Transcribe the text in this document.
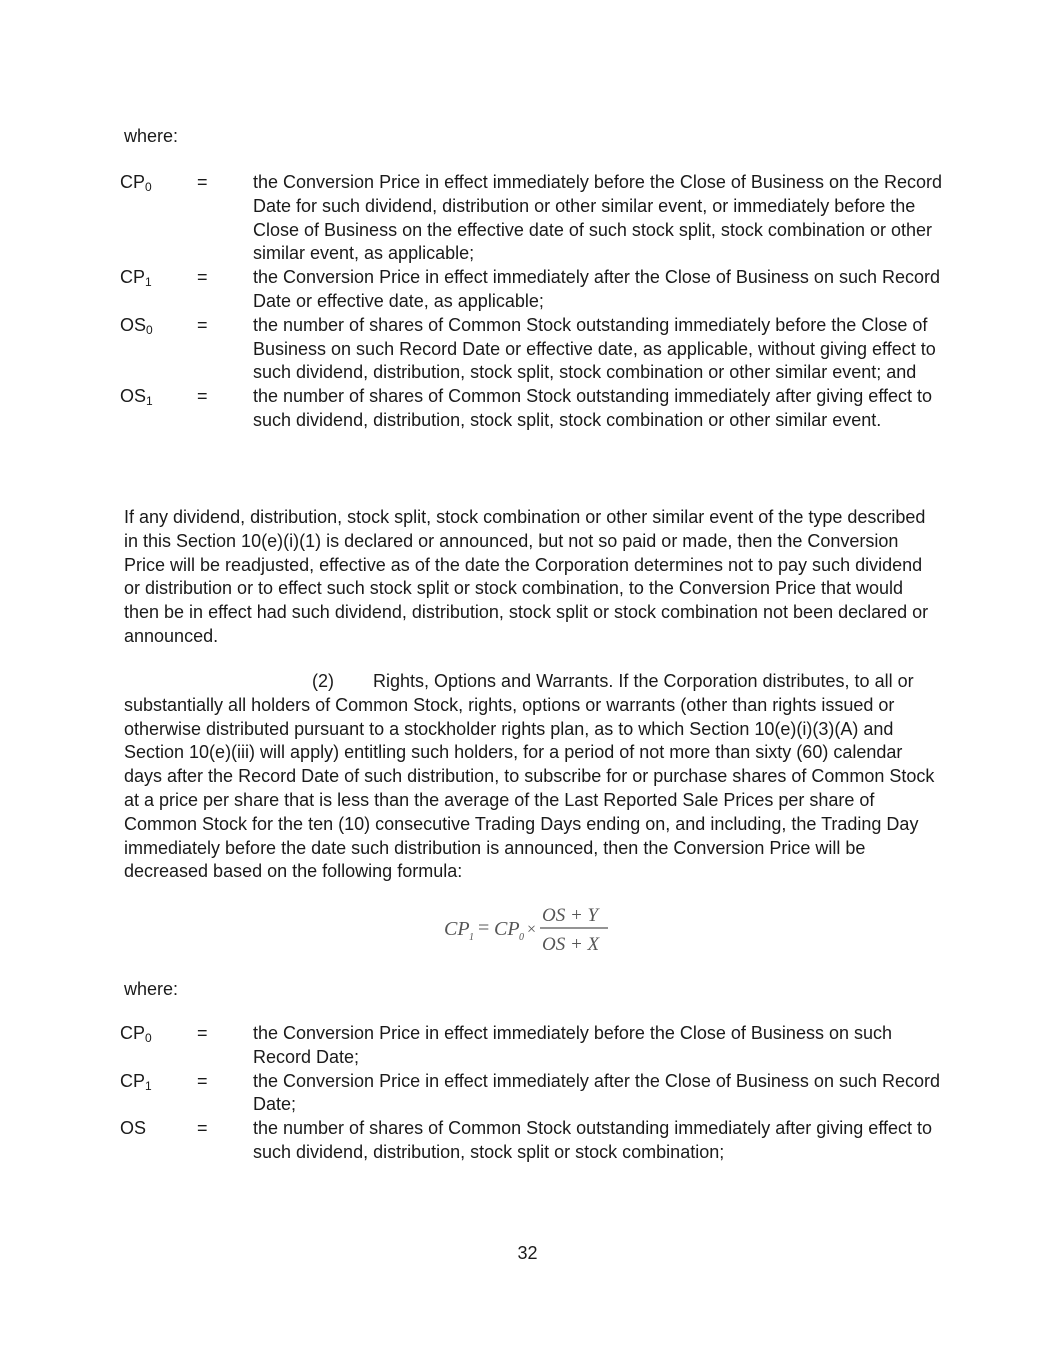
where:
$CP_0$	=	the Conversion Price in effect immediately before the Close of Business on the Record Date for such dividend, distribution or other similar event, or immediately before the Close of Business on the effective date of such stock split, stock combination or other similar event, as applicable;
$CP_1$	=	the Conversion Price in effect immediately after the Close of Business on such Record Date or effective date, as applicable;
$OS_0$	=	the number of shares of Common Stock outstanding immediately before the Close of Business on such Record Date or effective date, as applicable, without giving effect to such dividend, distribution, stock split, stock combination or other similar event; and
$OS_1$	=	the number of shares of Common Stock outstanding immediately after giving effect to such dividend, distribution, stock split, stock combination or other similar event.
If any dividend, distribution, stock split, stock combination or other similar event of the type described in this Section 10(e)(i)(1) is declared or announced, but not so paid or made, then the Conversion Price will be readjusted, effective as of the date the Corporation determines not to pay such dividend or distribution or to effect such stock split or stock combination, to the Conversion Price that would then be in effect had such dividend, distribution, stock split or stock combination not been declared or announced.
(2) Rights, Options and Warrants. If the Corporation distributes, to all or substantially all holders of Common Stock, rights, options or warrants (other than rights issued or otherwise distributed pursuant to a stockholder rights plan, as to which Section 10(e)(i)(3)(A) and Section 10(e)(iii) will apply) entitling such holders, for a period of not more than sixty (60) calendar days after the Record Date of such distribution, to subscribe for or purchase shares of Common Stock at a price per share that is less than the average of the Last Reported Sale Prices per share of Common Stock for the ten (10) consecutive Trading Days ending on, and including, the Trading Day immediately before the date such distribution is announced, then the Conversion Price will be decreased based on the following formula:
CP 1 = CP 0 ×
OS + Y
OS + X
where:
$CP_0$	=	the Conversion Price in effect immediately before the Close of Business on such Record Date;
$CP_1$	=	the Conversion Price in effect immediately after the Close of Business on such Record Date;
OS	=	the number of shares of Common Stock outstanding immediately after giving effect to such dividend, distribution, stock split or stock combination;
32
